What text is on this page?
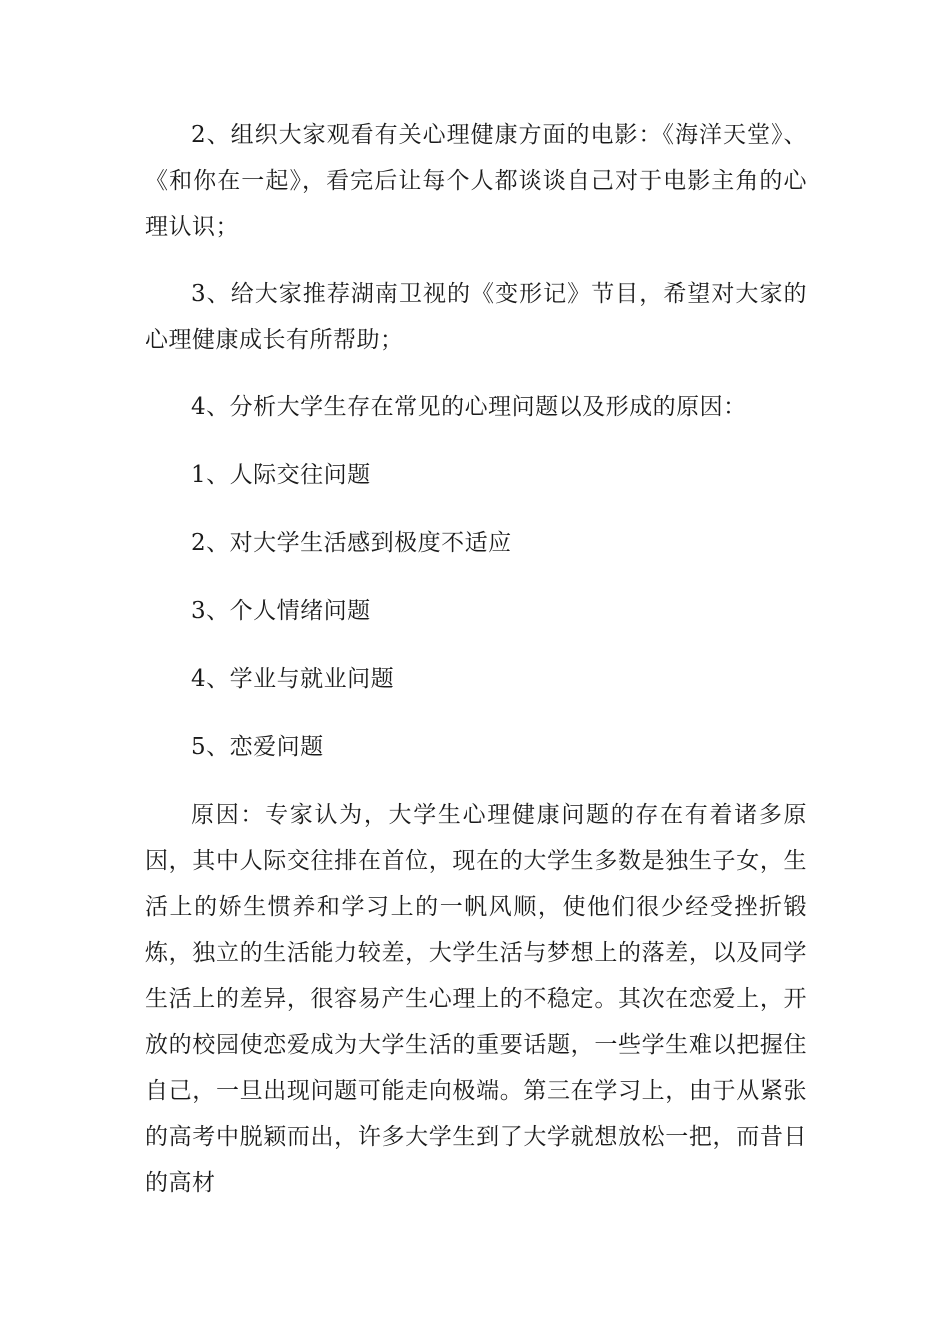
2、组织大家观看有关心理健康方面的电影：《海洋天堂》、《和你在一起》，看完后让每个人都谈谈自己对于电影主角的心理认识；

3、给大家推荐湖南卫视的《变形记》节目，希望对大家的心理健康成长有所帮助；

4、分析大学生存在常见的心理问题以及形成的原因：

1、人际交往问题

2、对大学生活感到极度不适应

3、个人情绪问题

4、学业与就业问题

5、恋爱问题

原因：专家认为，大学生心理健康问题的存在有着诸多原因，其中人际交往排在首位，现在的大学生多数是独生子女，生活上的娇生惯养和学习上的一帆风顺，使他们很少经受挫折锻炼，独立的生活能力较差，大学生活与梦想上的落差，以及同学生活上的差异，很容易产生心理上的不稳定。其次在恋爱上，开放的校园使恋爱成为大学生活的重要话题，一些学生难以把握住自己，一旦出现问题可能走向极端。第三在学习上，由于从紧张的高考中脱颖而出，许多大学生到了大学就想放松一把，而昔日的高材
